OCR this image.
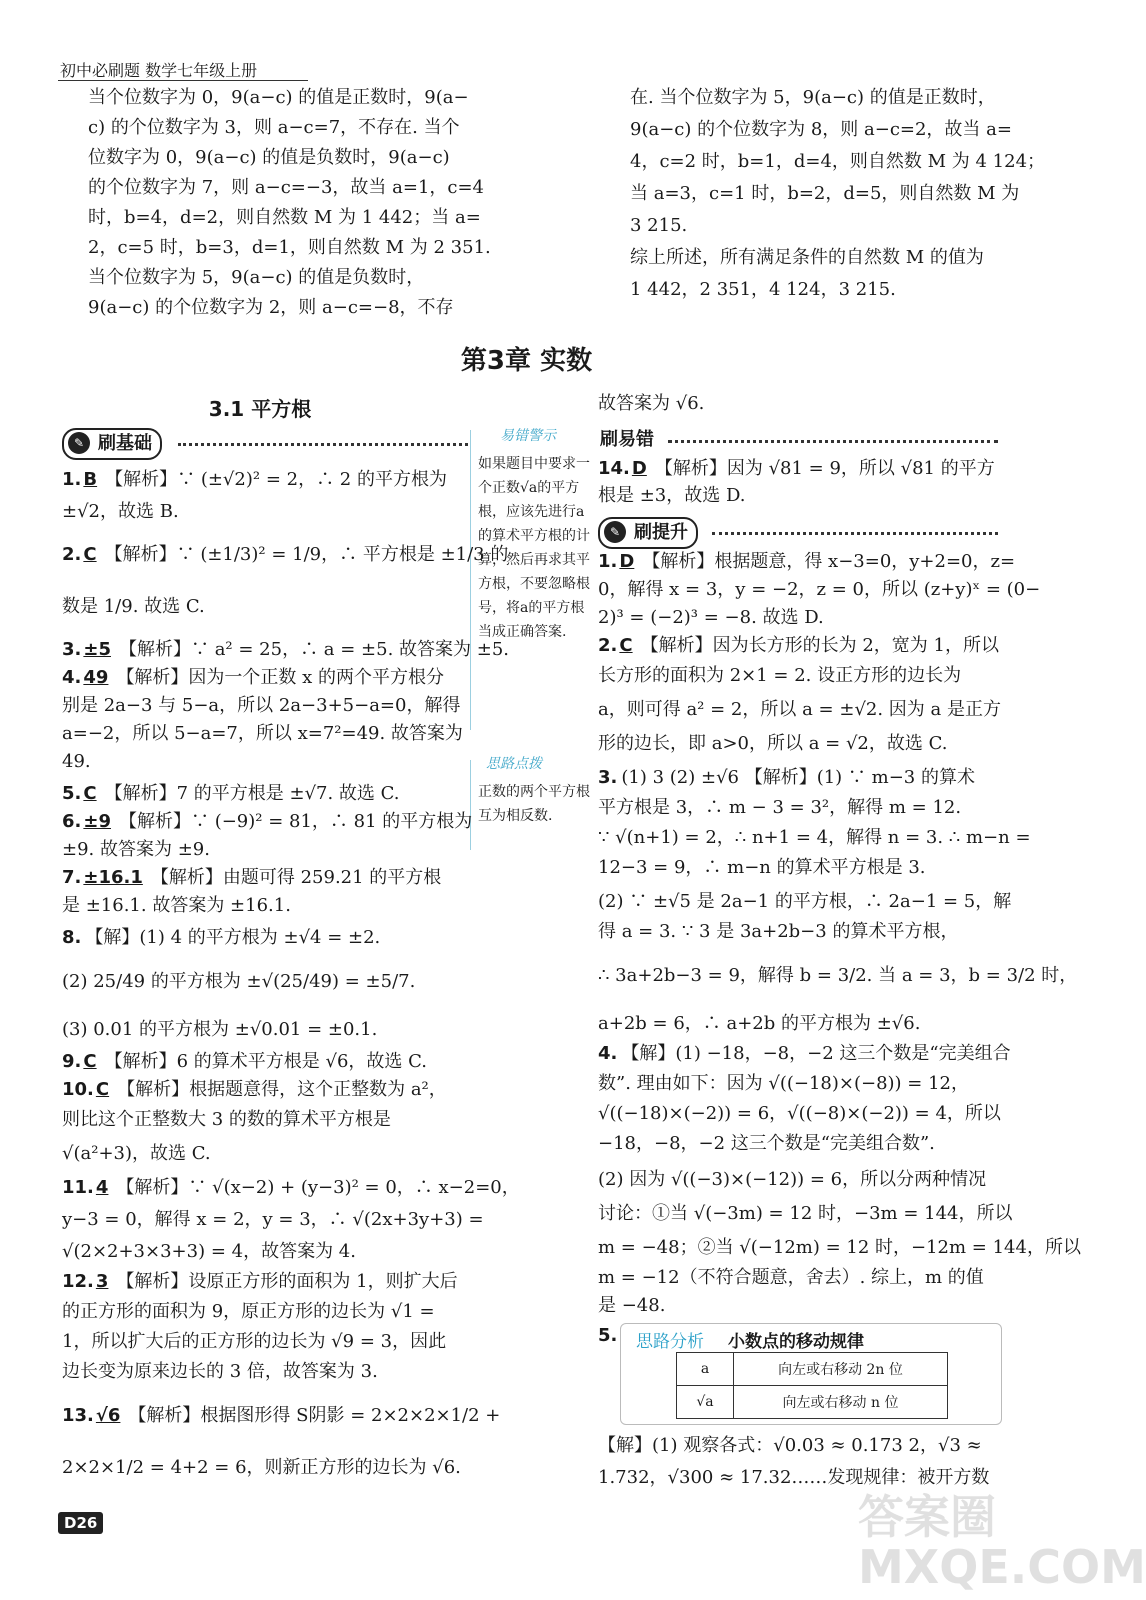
初中必刷题 数学七年级上册
当个位数字为 0，9(a−c) 的值是正数时，9(a−
c) 的个位数字为 3，则 a−c=7，不存在. 当个
位数字为 0，9(a−c) 的值是负数时，9(a−c)
的个位数字为 7，则 a−c=−3，故当 a=1，c=4
时，b=4，d=2，则自然数 M 为 1 442；当 a=
2，c=5 时，b=3，d=1，则自然数 M 为 2 351.
当个位数字为 5，9(a−c) 的值是负数时，
9(a−c) 的个位数字为 2，则 a−c=−8，不存
在. 当个位数字为 5，9(a−c) 的值是正数时，
9(a−c) 的个位数字为 8，则 a−c=2，故当 a=
4，c=2 时，b=1，d=4，则自然数 M 为 4 124；
当 a=3，c=1 时，b=2，d=5，则自然数 M 为
3 215.
综上所述，所有满足条件的自然数 M 的值为
1 442，2 351，4 124，3 215.
第3章 实数
3.1 平方根
✎ 刷基础	刷易错
✎ 刷提升
易错警示
如果题目中要求一个正数√a的平方根，应该先进行a的算术平方根的计算，然后再求其平方根，不要忽略根号，将a的平方根当成正确答案.
思路点拨
正数的两个平方根互为相反数.
1. B 【解析】∵ (±√2)² = 2，∴ 2 的平方根为
±√2，故选 B.
2. C 【解析】∵ (±1/3)² = 1/9，∴ 平方根是 ±1/3 的
数是 1/9. 故选 C.
3. ±5 【解析】∵ a² = 25，∴ a = ±5. 故答案为 ±5.
4. 49 【解析】因为一个正数 x 的两个平方根分
别是 2a−3 与 5−a，所以 2a−3+5−a=0，解得
a=−2，所以 5−a=7，所以 x=7²=49. 故答案为
49.
5. C 【解析】7 的平方根是 ±√7. 故选 C.
6. ±9 【解析】∵ (−9)² = 81，∴ 81 的平方根为
±9. 故答案为 ±9.
7. ±16.1 【解析】由题可得 259.21 的平方根
是 ±16.1. 故答案为 ±16.1.
8. 【解】(1) 4 的平方根为 ±√4 = ±2.
(2) 25/49 的平方根为 ±√(25/49) = ±5/7.
(3) 0.01 的平方根为 ±√0.01 = ±0.1.
9. C 【解析】6 的算术平方根是 √6，故选 C.
10. C 【解析】根据题意得，这个正整数为 a²，
则比这个正整数大 3 的数的算术平方根是
√(a²+3)，故选 C.
11. 4 【解析】∵ √(x−2) + (y−3)² = 0，∴ x−2=0，
y−3 = 0，解得 x = 2，y = 3，∴ √(2x+3y+3) =
√(2×2+3×3+3) = 4，故答案为 4.
12. 3 【解析】设原正方形的面积为 1，则扩大后
的正方形的面积为 9，原正方形的边长为 √1 =
1，所以扩大后的正方形的边长为 √9 = 3，因此
边长变为原来边长的 3 倍，故答案为 3.
13. √6 【解析】根据图形得 S阴影 = 2×2×2×1/2 +
2×2×1/2 = 4+2 = 6，则新正方形的边长为 √6.
故答案为 √6.
14. D 【解析】因为 √81 = 9，所以 √81 的平方
根是 ±3，故选 D.
1. D 【解析】根据题意，得 x−3=0，y+2=0，z=
0，解得 x = 3，y = −2，z = 0，所以 (z+y)ˣ = (0−
2)³ = (−2)³ = −8. 故选 D.
2. C 【解析】因为长方形的长为 2，宽为 1，所以
长方形的面积为 2×1 = 2. 设正方形的边长为
a，则可得 a² = 2，所以 a = ±√2. 因为 a 是正方
形的边长，即 a>0，所以 a = √2，故选 C.
3. (1) 3 (2) ±√6 【解析】(1) ∵ m−3 的算术
平方根是 3，∴ m − 3 = 3²，解得 m = 12.
∵ √(n+1) = 2，∴ n+1 = 4，解得 n = 3. ∴ m−n =
12−3 = 9，∴ m−n 的算术平方根是 3.
(2) ∵ ±√5 是 2a−1 的平方根，∴ 2a−1 = 5，解
得 a = 3. ∵ 3 是 3a+2b−3 的算术平方根，
∴ 3a+2b−3 = 9，解得 b = 3/2. 当 a = 3，b = 3/2 时，
a+2b = 6，∴ a+2b 的平方根为 ±√6.
4. 【解】(1) −18，−8，−2 这三个数是“完美组合
数”. 理由如下：因为 √((−18)×(−8)) = 12，
√((−18)×(−2)) = 6，√((−8)×(−2)) = 4，所以
−18，−8，−2 这三个数是“完美组合数”.
(2) 因为 √((−3)×(−12)) = 6，所以分两种情况
讨论：①当 √(−3m) = 12 时，−3m = 144，所以
m = −48；②当 √(−12m) = 12 时，−12m = 144，所以
m = −12（不符合题意，舍去）. 综上，m 的值
是 −48.
5.
【解】(1) 观察各式：√0.03 ≈ 0.173 2，√3 ≈
1.732，√300 ≈ 17.32……发现规律：被开方数
思路分析 小数点的移动规律
a	向左或右移动 2n 位
√a	向左或右移动 n 位
D26	答案圈 MXQE.COM
